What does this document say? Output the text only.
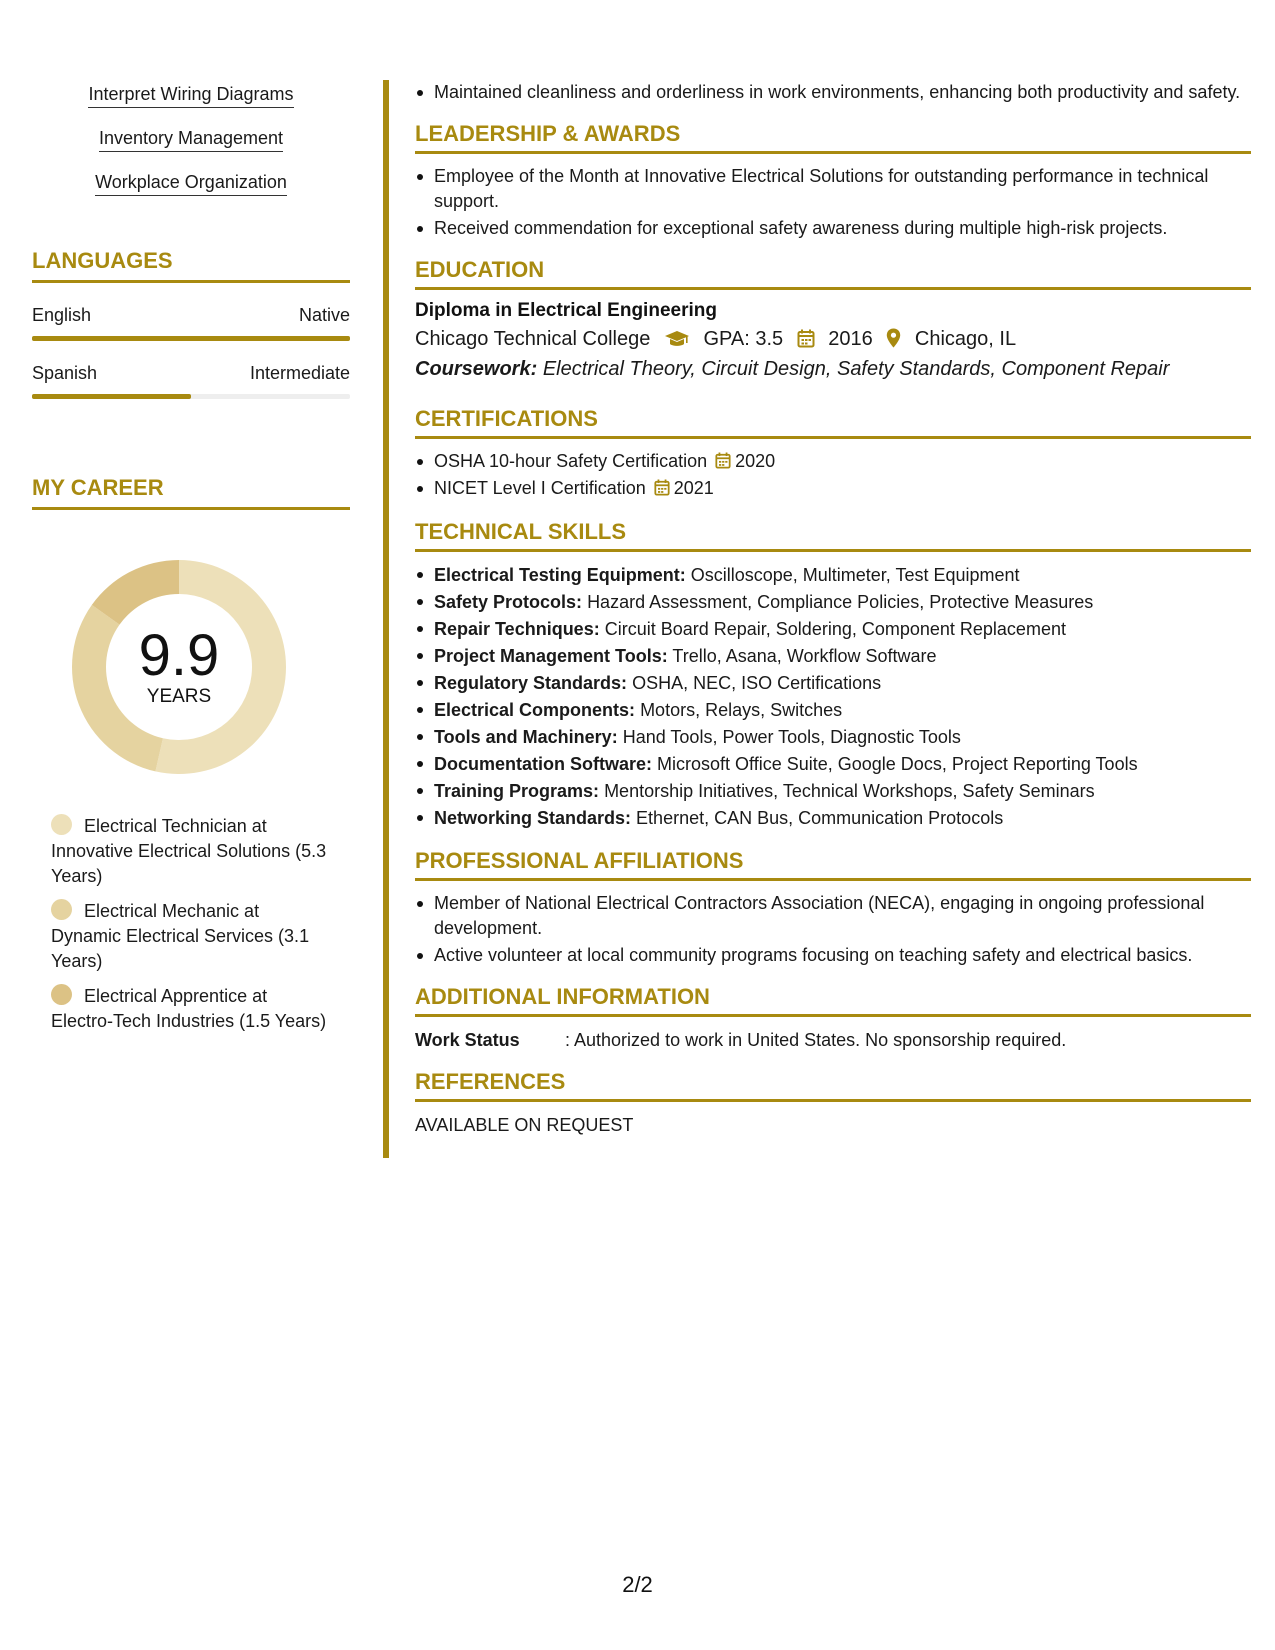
Interpret Wiring Diagrams
Inventory Management
Workplace Organization
LANGUAGES
English	Native
Spanish	Intermediate
MY CAREER
9.9
YEARS
Electrical Technician at Innovative Electrical Solutions (5.3 Years)
Electrical Mechanic at Dynamic Electrical Services (3.1 Years)
Electrical Apprentice at Electro-Tech Industries (1.5 Years)
Maintained cleanliness and orderliness in work environments, enhancing both productivity and safety.
LEADERSHIP & AWARDS
Employee of the Month at Innovative Electrical Solutions for outstanding performance in technical support.
Received commendation for exceptional safety awareness during multiple high-risk projects.
EDUCATION
Diploma in Electrical Engineering
Chicago Technical College	GPA: 3.5 2016 Chicago, IL
Coursework: Electrical Theory, Circuit Design, Safety Standards, Component Repair
CERTIFICATIONS
OSHA 10-hour Safety Certification 2020
NICET Level I Certification 2021
TECHNICAL SKILLS
Electrical Testing Equipment: Oscilloscope, Multimeter, Test Equipment
Safety Protocols: Hazard Assessment, Compliance Policies, Protective Measures
Repair Techniques: Circuit Board Repair, Soldering, Component Replacement
Project Management Tools: Trello, Asana, Workflow Software
Regulatory Standards: OSHA, NEC, ISO Certifications
Electrical Components: Motors, Relays, Switches
Tools and Machinery: Hand Tools, Power Tools, Diagnostic Tools
Documentation Software: Microsoft Office Suite, Google Docs, Project Reporting Tools
Training Programs: Mentorship Initiatives, Technical Workshops, Safety Seminars
Networking Standards: Ethernet, CAN Bus, Communication Protocols
PROFESSIONAL AFFILIATIONS
Member of National Electrical Contractors Association (NECA), engaging in ongoing professional development.
Active volunteer at local community programs focusing on teaching safety and electrical basics.
ADDITIONAL INFORMATION
Work Status	: Authorized to work in United States. No sponsorship required.
REFERENCES
AVAILABLE ON REQUEST
2/2
